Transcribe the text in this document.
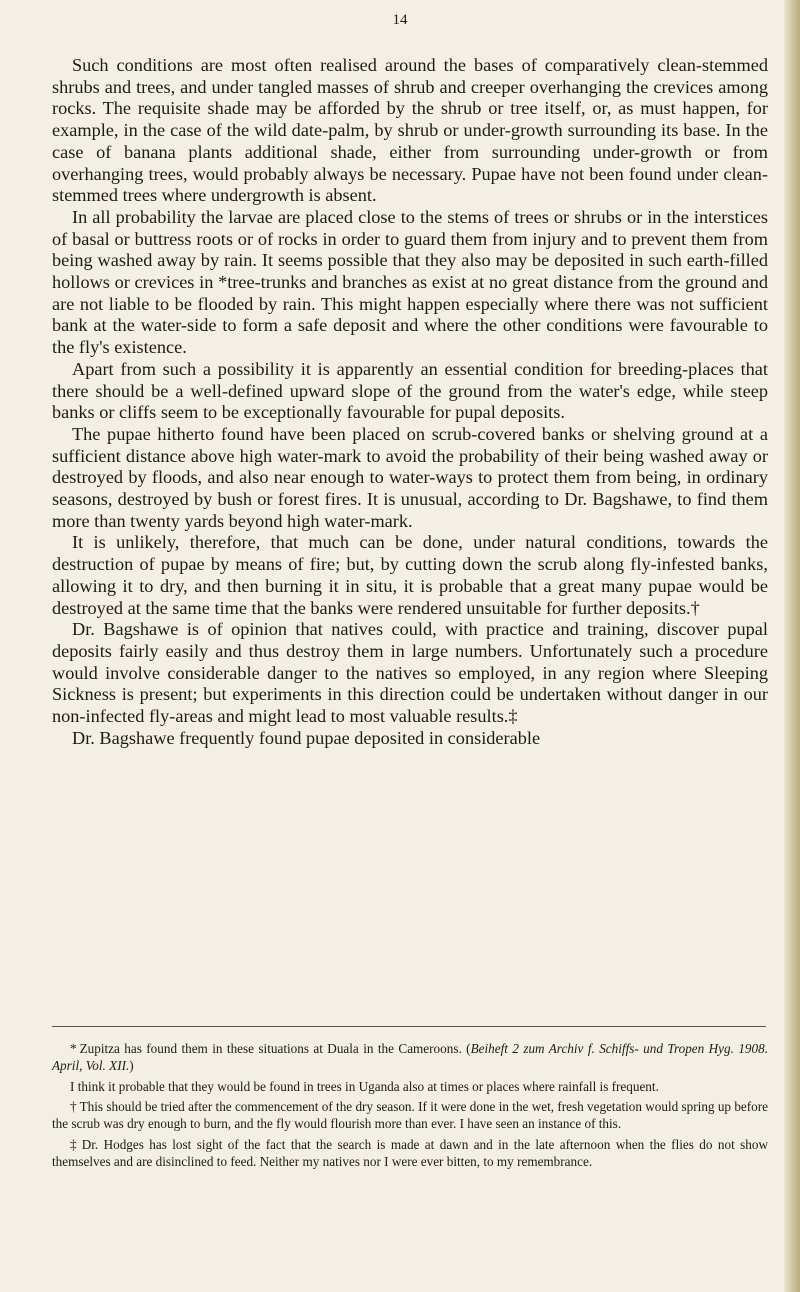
14

Such conditions are most often realised around the bases of comparatively clean-stemmed shrubs and trees, and under tangled masses of shrub and creeper overhanging the crevices among rocks. The requisite shade may be afforded by the shrub or tree itself, or, as must happen, for example, in the case of the wild date-palm, by shrub or under-growth surrounding its base. In the case of banana plants additional shade, either from surrounding under-growth or from overhanging trees, would probably always be necessary. Pupae have not been found under clean-stemmed trees where undergrowth is absent.

In all probability the larvae are placed close to the stems of trees or shrubs or in the interstices of basal or buttress roots or of rocks in order to guard them from injury and to prevent them from being washed away by rain. It seems possible that they also may be deposited in such earth-filled hollows or crevices in *tree-trunks and branches as exist at no great distance from the ground and are not liable to be flooded by rain. This might happen especially where there was not sufficient bank at the water-side to form a safe deposit and where the other conditions were favourable to the fly's existence.

Apart from such a possibility it is apparently an essential condition for breeding-places that there should be a well-defined upward slope of the ground from the water's edge, while steep banks or cliffs seem to be exceptionally favourable for pupal deposits.

The pupae hitherto found have been placed on scrub-covered banks or shelving ground at a sufficient distance above high water-mark to avoid the probability of their being washed away or destroyed by floods, and also near enough to water-ways to protect them from being, in ordinary seasons, destroyed by bush or forest fires. It is unusual, according to Dr. Bagshawe, to find them more than twenty yards beyond high water-mark.

It is unlikely, therefore, that much can be done, under natural conditions, towards the destruction of pupae by means of fire; but, by cutting down the scrub along fly-infested banks, allowing it to dry, and then burning it in situ, it is probable that a great many pupae would be destroyed at the same time that the banks were rendered unsuitable for further deposits.†

Dr. Bagshawe is of opinion that natives could, with practice and training, discover pupal deposits fairly easily and thus destroy them in large numbers. Unfortunately such a procedure would involve considerable danger to the natives so employed, in any region where Sleeping Sickness is present; but experiments in this direction could be undertaken without danger in our non-infected fly-areas and might lead to most valuable results.‡

Dr. Bagshawe frequently found pupae deposited in considerable

* Zupitza has found them in these situations at Duala in the Cameroons. (Beiheft 2 zum Archiv f. Schiffs- und Tropen Hyg. 1908. April, Vol. XII.)

I think it probable that they would be found in trees in Uganda also at times or places where rainfall is frequent.

† This should be tried after the commencement of the dry season. If it were done in the wet, fresh vegetation would spring up before the scrub was dry enough to burn, and the fly would flourish more than ever. I have seen an instance of this.

‡ Dr. Hodges has lost sight of the fact that the search is made at dawn and in the late afternoon when the flies do not show themselves and are disinclined to feed. Neither my natives nor I were ever bitten, to my remembrance.
